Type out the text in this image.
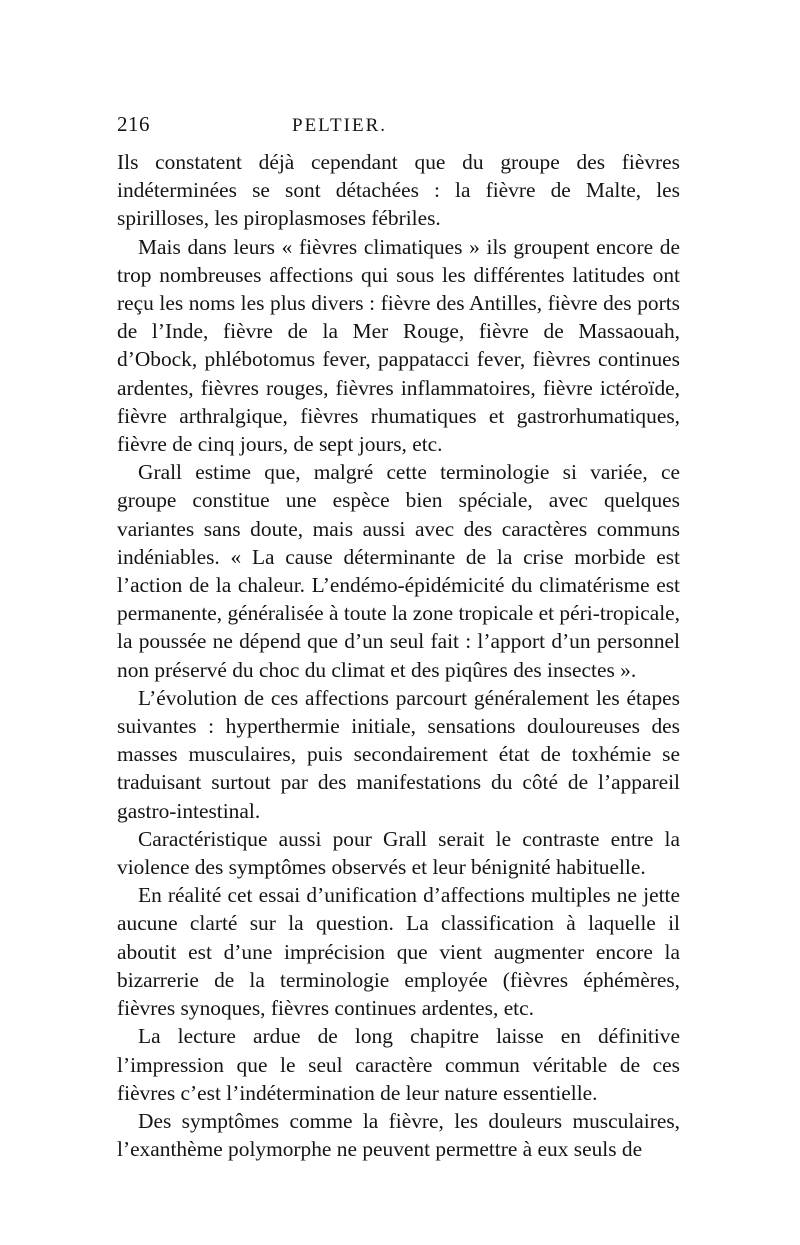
216	PELTIER.

Ils constatent déjà cependant que du groupe des fièvres indéterminées se sont détachées : la fièvre de Malte, les spirilloses, les piroplasmoses fébriles.

Mais dans leurs « fièvres climatiques » ils groupent encore de trop nombreuses affections qui sous les différentes latitudes ont reçu les noms les plus divers : fièvre des Antilles, fièvre des ports de l’Inde, fièvre de la Mer Rouge, fièvre de Massaouah, d’Obock, phlébotomus fever, pappatacci fever, fièvres continues ardentes, fièvres rouges, fièvres inflammatoires, fièvre ictéroïde, fièvre arthralgique, fièvres rhumatiques et gastrorhumatiques, fièvre de cinq jours, de sept jours, etc.

Grall estime que, malgré cette terminologie si variée, ce groupe constitue une espèce bien spéciale, avec quelques variantes sans doute, mais aussi avec des caractères communs indéniables. « La cause déterminante de la crise morbide est l’action de la chaleur. L’endémo-épidémicité du climatérisme est permanente, généralisée à toute la zone tropicale et péri-tropicale, la poussée ne dépend que d’un seul fait : l’apport d’un personnel non préservé du choc du climat et des piqûres des insectes ».

L’évolution de ces affections parcourt généralement les étapes suivantes : hyperthermie initiale, sensations douloureuses des masses musculaires, puis secondairement état de toxhémie se traduisant surtout par des manifestations du côté de l’appareil gastro-intestinal.

Caractéristique aussi pour Grall serait le contraste entre la violence des symptômes observés et leur bénignité habituelle.

En réalité cet essai d’unification d’affections multiples ne jette aucune clarté sur la question. La classification à laquelle il aboutit est d’une imprécision que vient augmenter encore la bizarrerie de la terminologie employée (fièvres éphémères, fièvres synoques, fièvres continues ardentes, etc.

La lecture ardue de long chapitre laisse en définitive l’impression que le seul caractère commun véritable de ces fièvres c’est l’indétermination de leur nature essentielle.

Des symptômes comme la fièvre, les douleurs musculaires, l’exanthème polymorphe ne peuvent permettre à eux seuls de
